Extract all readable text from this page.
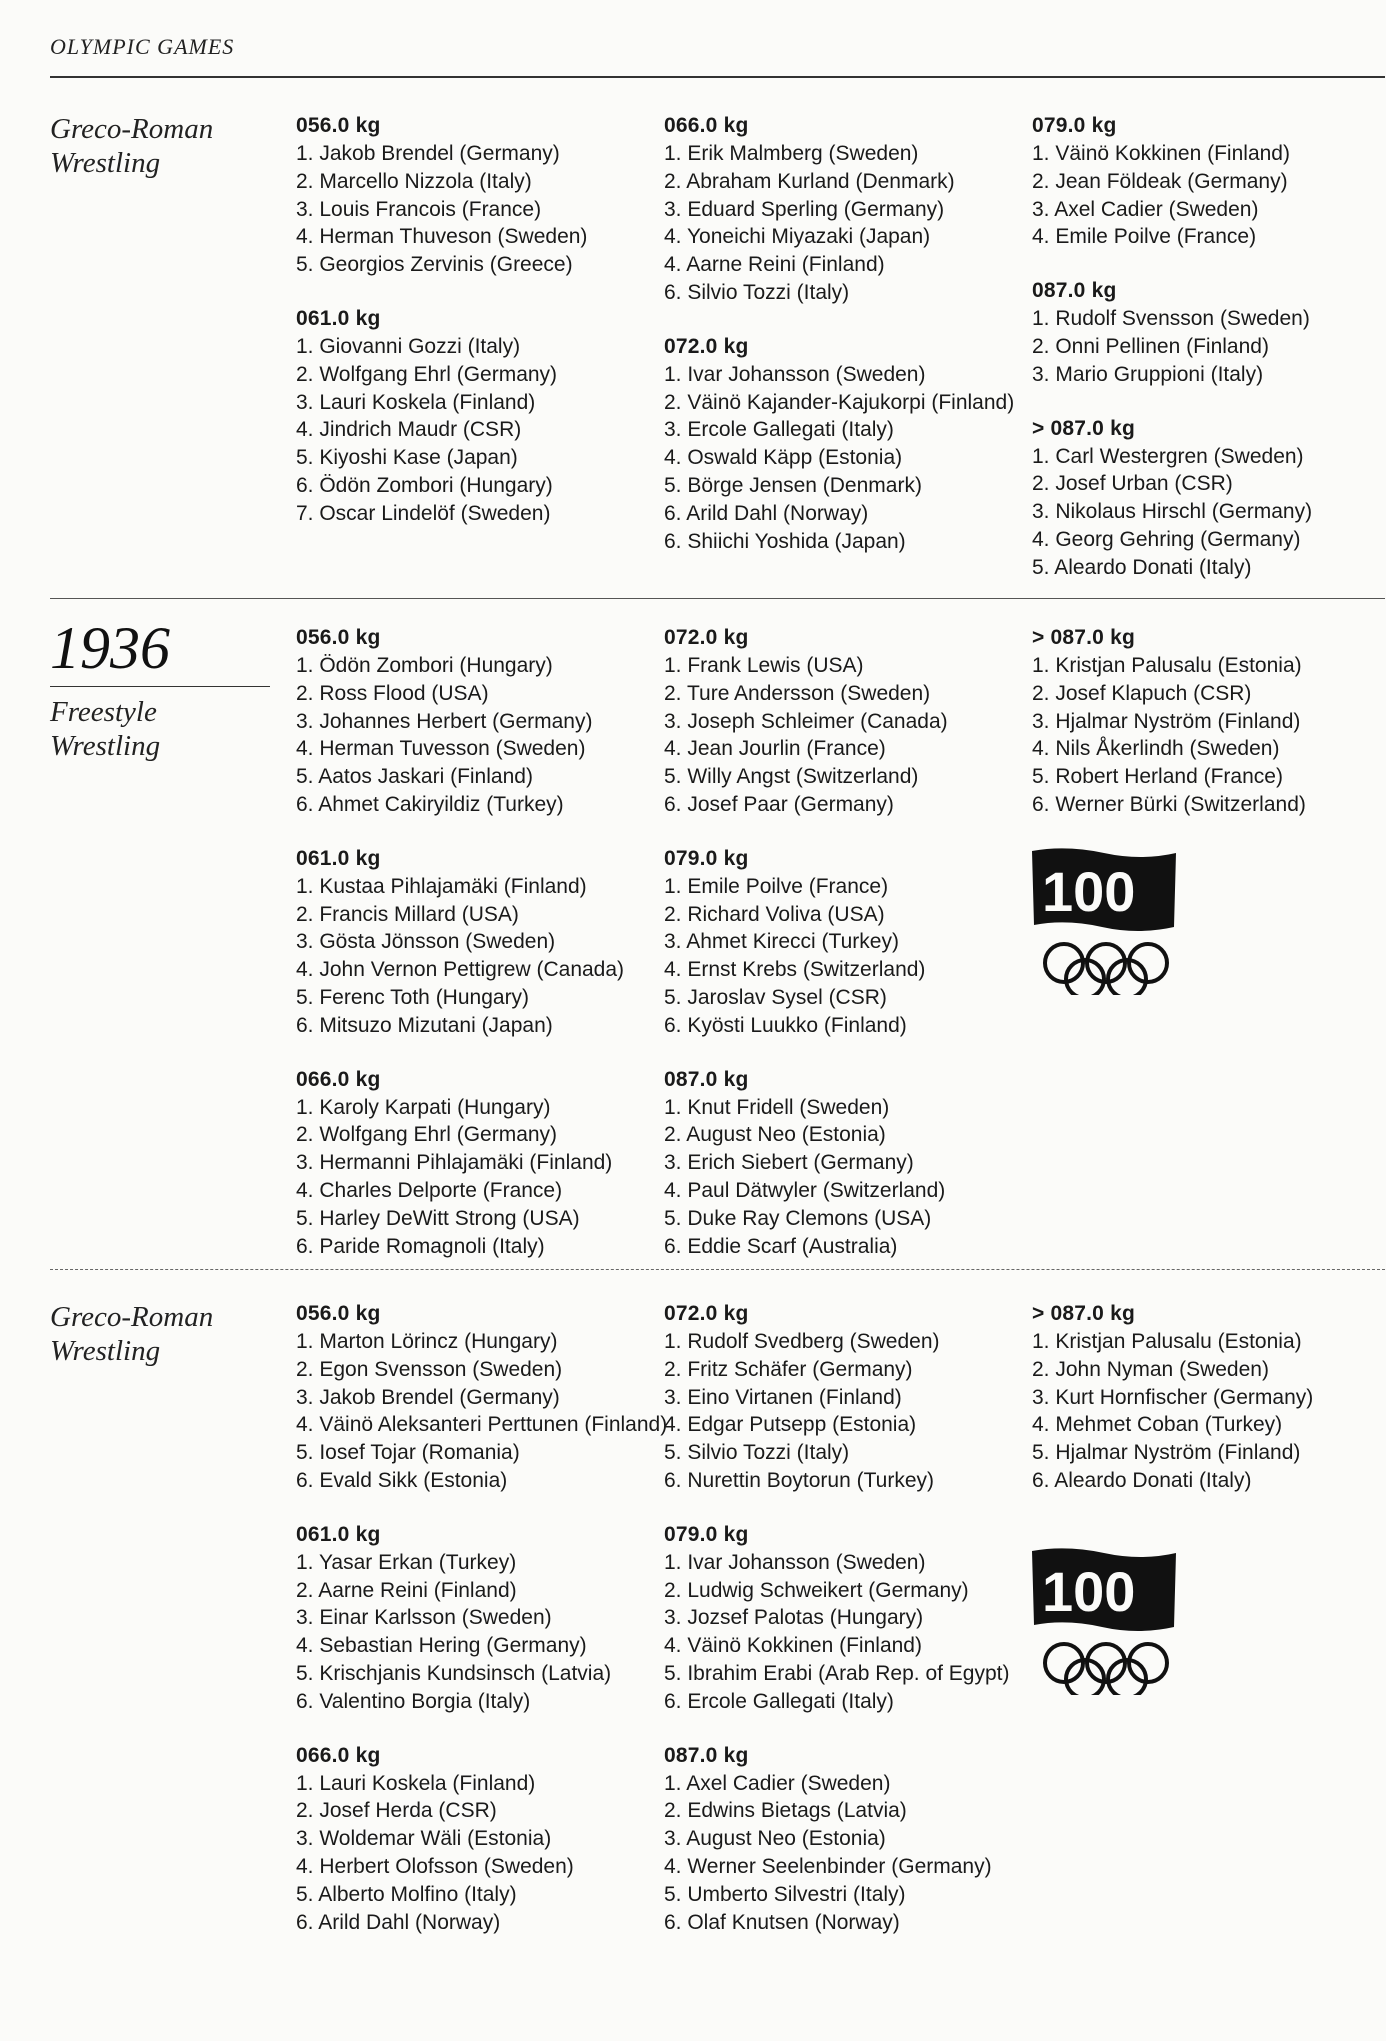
OLYMPIC GAMES
Greco-Roman Wrestling
056.0 kg
1. Jakob Brendel (Germany)
2. Marcello Nizzola (Italy)
3. Louis Francois (France)
4. Herman Thuveson (Sweden)
5. Georgios Zervinis (Greece)
061.0 kg
1. Giovanni Gozzi (Italy)
2. Wolfgang Ehrl (Germany)
3. Lauri Koskela (Finland)
4. Jindrich Maudr (CSR)
5. Kiyoshi Kase (Japan)
6. Ödön Zombori (Hungary)
7. Oscar Lindelöf (Sweden)
066.0 kg
1. Erik Malmberg (Sweden)
2. Abraham Kurland (Denmark)
3. Eduard Sperling (Germany)
4. Yoneichi Miyazaki (Japan)
4. Aarne Reini (Finland)
6. Silvio Tozzi (Italy)
072.0 kg
1. Ivar Johansson (Sweden)
2. Väinö Kajander-Kajukorpi (Finland)
3. Ercole Gallegati (Italy)
4. Oswald Käpp (Estonia)
5. Börge Jensen (Denmark)
6. Arild Dahl (Norway)
6. Shiichi Yoshida (Japan)
079.0 kg
1. Väinö Kokkinen (Finland)
2. Jean Földeak (Germany)
3. Axel Cadier (Sweden)
4. Emile Poilve (France)
087.0 kg
1. Rudolf Svensson (Sweden)
2. Onni Pellinen (Finland)
3. Mario Gruppioni (Italy)
> 087.0 kg
1. Carl Westergren (Sweden)
2. Josef Urban (CSR)
3. Nikolaus Hirschl (Germany)
4. Georg Gehring (Germany)
5. Aleardo Donati (Italy)
1936
Freestyle Wrestling
056.0 kg
1. Ödön Zombori (Hungary)
2. Ross Flood (USA)
3. Johannes Herbert (Germany)
4. Herman Tuvesson (Sweden)
5. Aatos Jaskari (Finland)
6. Ahmet Cakiryildiz (Turkey)
061.0 kg
1. Kustaa Pihlajamäki (Finland)
2. Francis Millard (USA)
3. Gösta Jönsson (Sweden)
4. John Vernon Pettigrew (Canada)
5. Ferenc Toth (Hungary)
6. Mitsuzo Mizutani (Japan)
066.0 kg
1. Karoly Karpati (Hungary)
2. Wolfgang Ehrl (Germany)
3. Hermanni Pihlajamäki (Finland)
4. Charles Delporte (France)
5. Harley DeWitt Strong (USA)
6. Paride Romagnoli (Italy)
072.0 kg
1. Frank Lewis (USA)
2. Ture Andersson (Sweden)
3. Joseph Schleimer (Canada)
4. Jean Jourlin (France)
5. Willy Angst (Switzerland)
6. Josef Paar (Germany)
079.0 kg
1. Emile Poilve (France)
2. Richard Voliva (USA)
3. Ahmet Kirecci (Turkey)
4. Ernst Krebs (Switzerland)
5. Jaroslav Sysel (CSR)
6. Kyösti Luukko (Finland)
087.0 kg
1. Knut Fridell (Sweden)
2. August Neo (Estonia)
3. Erich Siebert (Germany)
4. Paul Dätwyler (Switzerland)
5. Duke Ray Clemons (USA)
6. Eddie Scarf (Australia)
> 087.0 kg
1. Kristjan Palusalu (Estonia)
2. Josef Klapuch (CSR)
3. Hjalmar Nyström (Finland)
4. Nils Åkerlindh (Sweden)
5. Robert Herland (France)
6. Werner Bürki (Switzerland)
Greco-Roman Wrestling
056.0 kg
1. Marton Lörincz (Hungary)
2. Egon Svensson (Sweden)
3. Jakob Brendel (Germany)
4. Väinö Aleksanteri Perttunen (Finland)
5. Iosef Tojar (Romania)
6. Evald Sikk (Estonia)
061.0 kg
1. Yasar Erkan (Turkey)
2. Aarne Reini (Finland)
3. Einar Karlsson (Sweden)
4. Sebastian Hering (Germany)
5. Krischjanis Kundsinsch (Latvia)
6. Valentino Borgia (Italy)
066.0 kg
1. Lauri Koskela (Finland)
2. Josef Herda (CSR)
3. Woldemar Wäli (Estonia)
4. Herbert Olofsson (Sweden)
5. Alberto Molfino (Italy)
6. Arild Dahl (Norway)
072.0 kg
1. Rudolf Svedberg (Sweden)
2. Fritz Schäfer (Germany)
3. Eino Virtanen (Finland)
4. Edgar Putsepp (Estonia)
5. Silvio Tozzi (Italy)
6. Nurettin Boytorun (Turkey)
079.0 kg
1. Ivar Johansson (Sweden)
2. Ludwig Schweikert (Germany)
3. Jozsef Palotas (Hungary)
4. Väinö Kokkinen (Finland)
5. Ibrahim Erabi (Arab Rep. of Egypt)
6. Ercole Gallegati (Italy)
087.0 kg
1. Axel Cadier (Sweden)
2. Edwins Bietags (Latvia)
3. August Neo (Estonia)
4. Werner Seelenbinder (Germany)
5. Umberto Silvestri (Italy)
6. Olaf Knutsen (Norway)
> 087.0 kg
1. Kristjan Palusalu (Estonia)
2. John Nyman (Sweden)
3. Kurt Hornfischer (Germany)
4. Mehmet Coban (Turkey)
5. Hjalmar Nyström (Finland)
6. Aleardo Donati (Italy)
100
100
